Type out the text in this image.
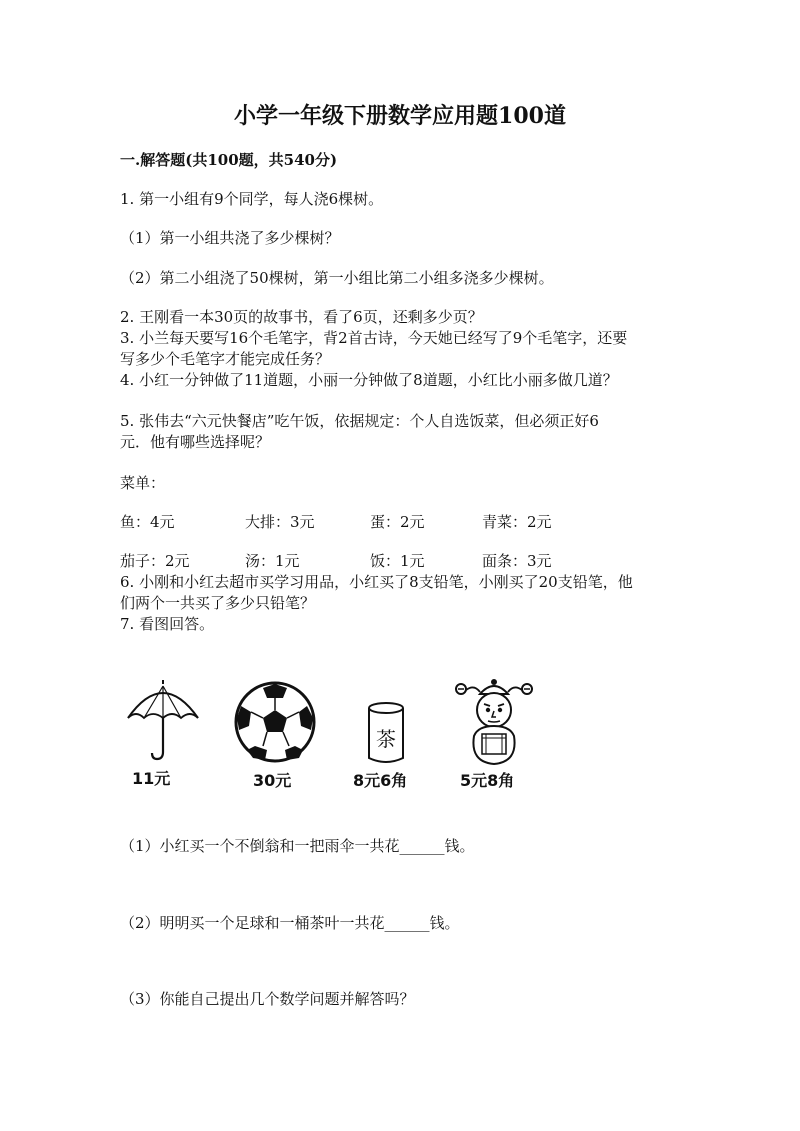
小学一年级下册数学应用题100道
一.解答题(共100题，共540分)
1. 第一小组有9个同学，每人浇6棵树。
（1）第一小组共浇了多少棵树？
（2）第二小组浇了50棵树，第一小组比第二小组多浇多少棵树。
2. 王刚看一本30页的故事书，看了6页，还剩多少页？
3. 小兰每天要写16个毛笔字，背2首古诗，今天她已经写了9个毛笔字，还要
写多少个毛笔字才能完成任务？
4. 小红一分钟做了11道题，小丽一分钟做了8道题，小红比小丽多做几道？
5. 张伟去“六元快餐店”吃午饭，依据规定：个人自选饭菜，但必须正好6
元．他有哪些选择呢？
菜单：
鱼：4元	大排：3元	蛋：2元	青菜：2元
茄子：2元	汤：1元	饭：1元	面条：3元
6. 小刚和小红去超市买学习用品，小红买了8支铅笔，小刚买了20支铅笔，他
们两个一共买了多少只铅笔？
7. 看图回答。
11元	30元
茶
8元6角	5元8角
（1）小红买一个不倒翁和一把雨伞一共花______钱。
（2）明明买一个足球和一桶茶叶一共花______钱。
（3）你能自己提出几个数学问题并解答吗？
